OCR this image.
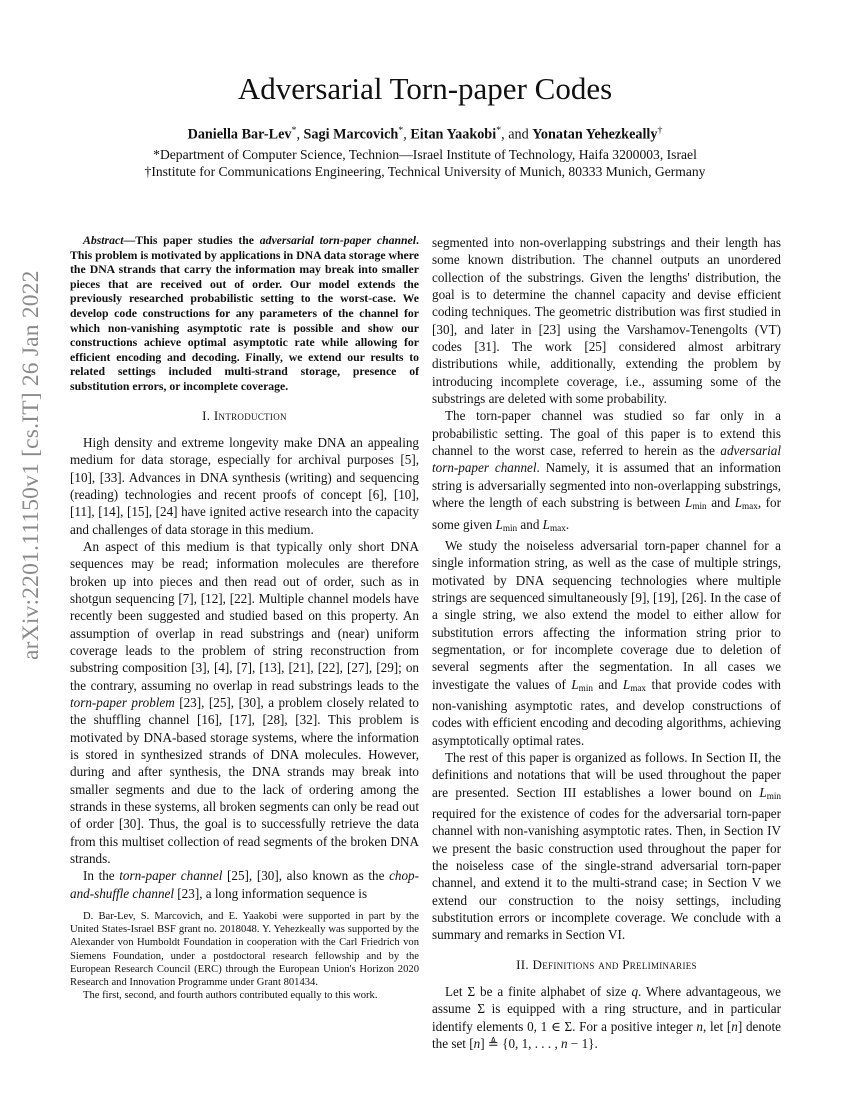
arXiv:2201.11150v1 [cs.IT] 26 Jan 2022
Adversarial Torn-paper Codes
Daniella Bar-Lev*, Sagi Marcovich*, Eitan Yaakobi*, and Yonatan Yehezkeally†
*Department of Computer Science, Technion—Israel Institute of Technology, Haifa 3200003, Israel
†Institute for Communications Engineering, Technical University of Munich, 80333 Munich, Germany

Abstract—This paper studies the adversarial torn-paper channel. This problem is motivated by applications in DNA data storage where the DNA strands that carry the information may break into smaller pieces that are received out of order. Our model extends the previously researched probabilistic setting to the worst-case. We develop code constructions for any parameters of the channel for which non-vanishing asymptotic rate is possible and show our constructions achieve optimal asymptotic rate while allowing for efficient encoding and decoding. Finally, we extend our results to related settings included multi-strand storage, presence of substitution errors, or incomplete coverage.

I. Introduction

High density and extreme longevity make DNA an appealing medium for data storage, especially for archival purposes [5], [10], [33]. Advances in DNA synthesis (writing) and sequencing (reading) technologies and recent proofs of concept [6], [10], [11], [14], [15], [24] have ignited active research into the capacity and challenges of data storage in this medium.

An aspect of this medium is that typically only short DNA sequences may be read; information molecules are therefore broken up into pieces and then read out of order, such as in shotgun sequencing [7], [12], [22]. Multiple channel models have recently been suggested and studied based on this property. An assumption of overlap in read substrings and (near) uniform coverage leads to the problem of string reconstruction from substring composition [3], [4], [7], [13], [21], [22], [27], [29]; on the contrary, assuming no overlap in read substrings leads to the torn-paper problem [23], [25], [30], a problem closely related to the shuffling channel [16], [17], [28], [32]. This problem is motivated by DNA-based storage systems, where the information is stored in synthesized strands of DNA molecules. However, during and after synthesis, the DNA strands may break into smaller segments and due to the lack of ordering among the strands in these systems, all broken segments can only be read out of order [30]. Thus, the goal is to successfully retrieve the data from this multiset collection of read segments of the broken DNA strands.

In the torn-paper channel [25], [30], also known as the chop-and-shuffle channel [23], a long information sequence is

D. Bar-Lev, S. Marcovich, and E. Yaakobi were supported in part by the United States-Israel BSF grant no. 2018048. Y. Yehezkeally was supported by the Alexander von Humboldt Foundation in cooperation with the Carl Friedrich von Siemens Foundation, under a postdoctoral research fellowship and by the European Research Council (ERC) through the European Union's Horizon 2020 Research and Innovation Programme under Grant 801434.

The first, second, and fourth authors contributed equally to this work.

segmented into non-overlapping substrings and their length has some known distribution. The channel outputs an unordered collection of the substrings. Given the lengths' distribution, the goal is to determine the channel capacity and devise efficient coding techniques. The geometric distribution was first studied in [30], and later in [23] using the Varshamov-Tenengolts (VT) codes [31]. The work [25] considered almost arbitrary distributions while, additionally, extending the problem by introducing incomplete coverage, i.e., assuming some of the substrings are deleted with some probability.

The torn-paper channel was studied so far only in a probabilistic setting. The goal of this paper is to extend this channel to the worst case, referred to herein as the adversarial torn-paper channel. Namely, it is assumed that an information string is adversarially segmented into non-overlapping substrings, where the length of each substring is between $L_{min}$ and $L_{max}$, for some given $L_{min}$ and $L_{max}$.

We study the noiseless adversarial torn-paper channel for a single information string, as well as the case of multiple strings, motivated by DNA sequencing technologies where multiple strings are sequenced simultaneously [9], [19], [26]. In the case of a single string, we also extend the model to either allow for substitution errors affecting the information string prior to segmentation, or for incomplete coverage due to deletion of several segments after the segmentation. In all cases we investigate the values of $L_{min}$ and $L_{max}$ that provide codes with non-vanishing asymptotic rates, and develop constructions of codes with efficient encoding and decoding algorithms, achieving asymptotically optimal rates.

The rest of this paper is organized as follows. In Section II, the definitions and notations that will be used throughout the paper are presented. Section III establishes a lower bound on $L_{min}$ required for the existence of codes for the adversarial torn-paper channel with non-vanishing asymptotic rates. Then, in Section IV we present the basic construction used throughout the paper for the noiseless case of the single-strand adversarial torn-paper channel, and extend it to the multi-strand case; in Section V we extend our construction to the noisy settings, including substitution errors or incomplete coverage. We conclude with a summary and remarks in Section VI.

II. Definitions and Preliminaries

Let Σ be a finite alphabet of size q. Where advantageous, we assume Σ is equipped with a ring structure, and in particular identify elements 0, 1 ∈ Σ. For a positive integer n, let [n] denote the set [n] ≜ {0, 1, . . . , n − 1}.
